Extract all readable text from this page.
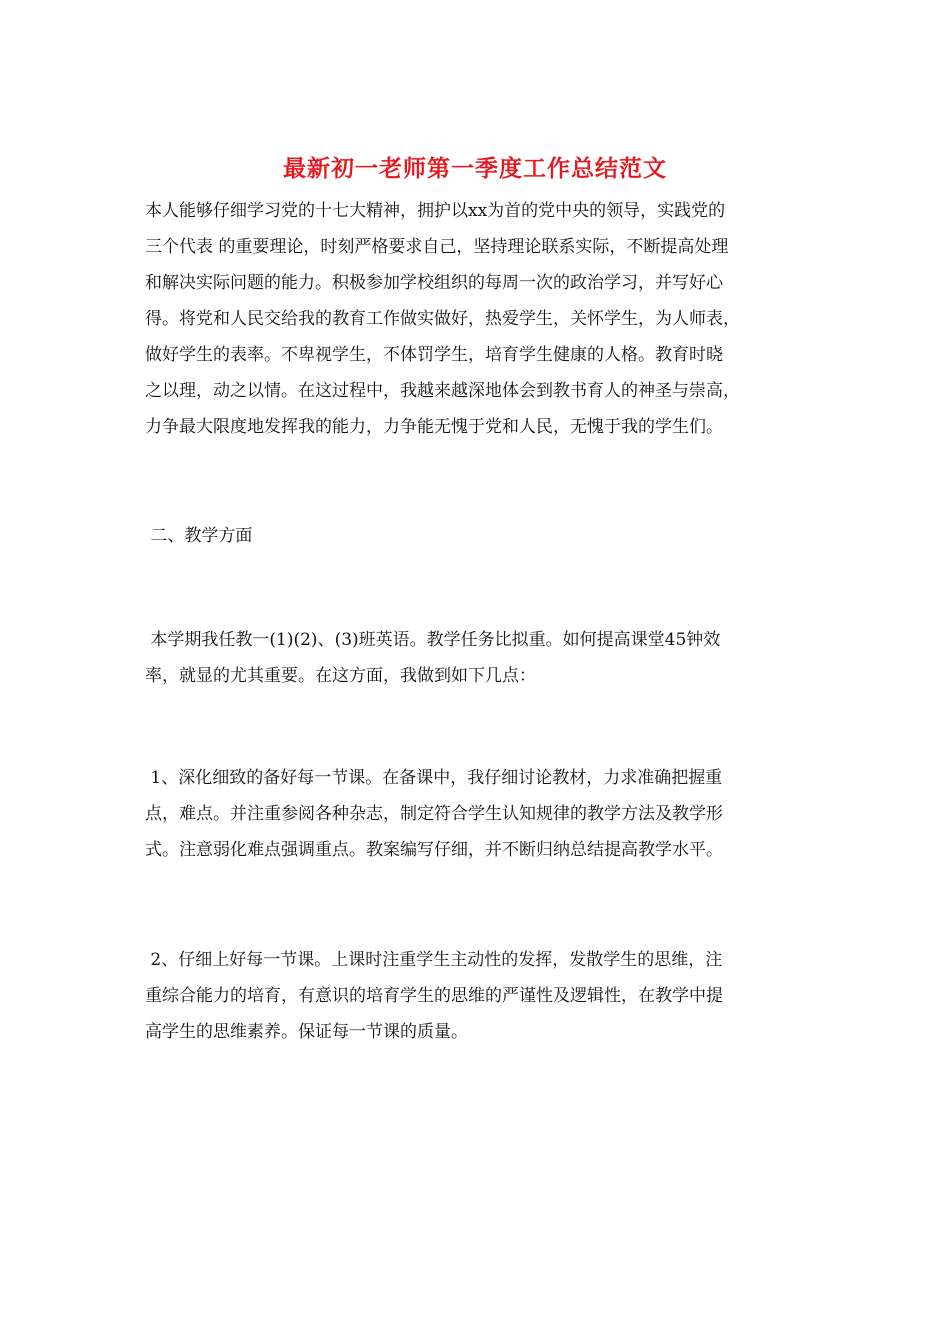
最新初一老师第一季度工作总结范文
本人能够仔细学习党的十七大精神，拥护以xx为首的党中央的领导，实践党的
三个代表 的重要理论，时刻严格要求自己，坚持理论联系实际，不断提高处理
和解决实际问题的能力。积极参加学校组织的每周一次的政治学习，并写好心
得。将党和人民交给我的教育工作做实做好，热爱学生，关怀学生，为人师表，
做好学生的表率。不卑视学生，不体罚学生，培育学生健康的人格。教育时晓
之以理，动之以情。在这过程中，我越来越深地体会到教书育人的神圣与崇高，
力争最大限度地发挥我的能力，力争能无愧于党和人民，无愧于我的学生们。
二、教学方面
本学期我任教一(1)(2)、(3)班英语。教学任务比拟重。如何提高课堂45钟效
率，就显的尤其重要。在这方面，我做到如下几点：
1、深化细致的备好每一节课。在备课中，我仔细讨论教材，力求准确把握重
点，难点。并注重参阅各种杂志，制定符合学生认知规律的教学方法及教学形
式。注意弱化难点强调重点。教案编写仔细，并不断归纳总结提高教学水平。
2、仔细上好每一节课。上课时注重学生主动性的发挥，发散学生的思维，注
重综合能力的培育，有意识的培育学生的思维的严谨性及逻辑性，在教学中提
高学生的思维素养。保证每一节课的质量。
